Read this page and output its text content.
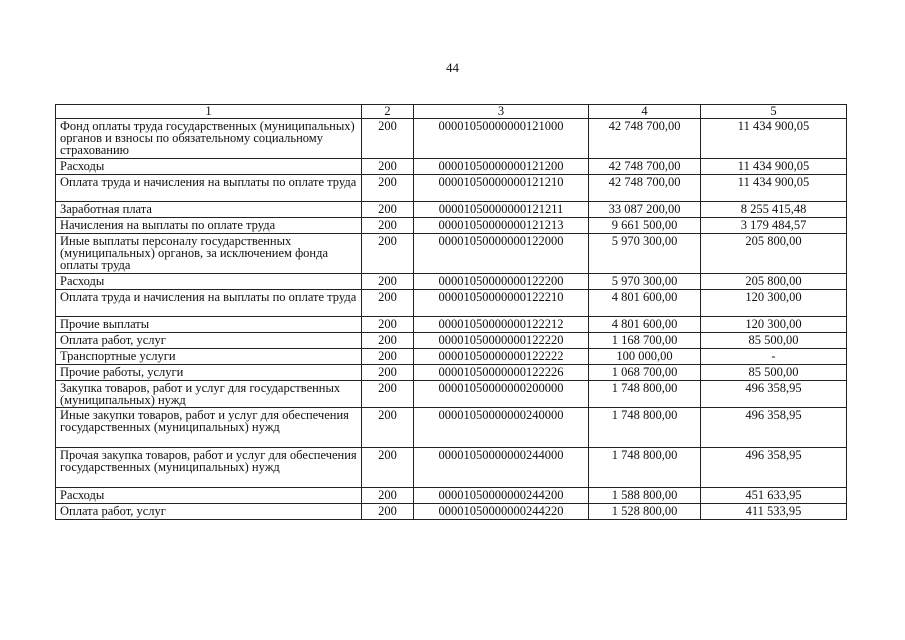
44
1	2	3	4	5
Фонд оплаты труда государственных (муниципальных) органов и взносы по обязательному социальному страхованию	200	00001050000000121000	42 748 700,00	11 434 900,05
Расходы	200	00001050000000121200	42 748 700,00	11 434 900,05
Оплата труда и начисления на выплаты по оплате труда	200	00001050000000121210	42 748 700,00	11 434 900,05
Заработная плата	200	00001050000000121211	33 087 200,00	8 255 415,48
Начисления на выплаты по оплате труда	200	00001050000000121213	9 661 500,00	3 179 484,57
Иные выплаты персоналу государственных (муниципальных) органов, за исключением фонда оплаты труда	200	00001050000000122000	5 970 300,00	205 800,00
Расходы	200	00001050000000122200	5 970 300,00	205 800,00
Оплата труда и начисления на выплаты по оплате труда	200	00001050000000122210	4 801 600,00	120 300,00
Прочие выплаты	200	00001050000000122212	4 801 600,00	120 300,00
Оплата работ, услуг	200	00001050000000122220	1 168 700,00	85 500,00
Транспортные услуги	200	00001050000000122222	100 000,00	-
Прочие работы, услуги	200	00001050000000122226	1 068 700,00	85 500,00
Закупка товаров, работ и услуг для государственных (муниципальных) нужд	200	00001050000000200000	1 748 800,00	496 358,95
Иные закупки товаров, работ и услуг для обеспечения государственных (муниципальных) нужд	200	00001050000000240000	1 748 800,00	496 358,95
Прочая закупка товаров, работ и услуг для обеспечения государственных (муниципальных) нужд	200	00001050000000244000	1 748 800,00	496 358,95
Расходы	200	00001050000000244200	1 588 800,00	451 633,95
Оплата работ, услуг	200	00001050000000244220	1 528 800,00	411 533,95
